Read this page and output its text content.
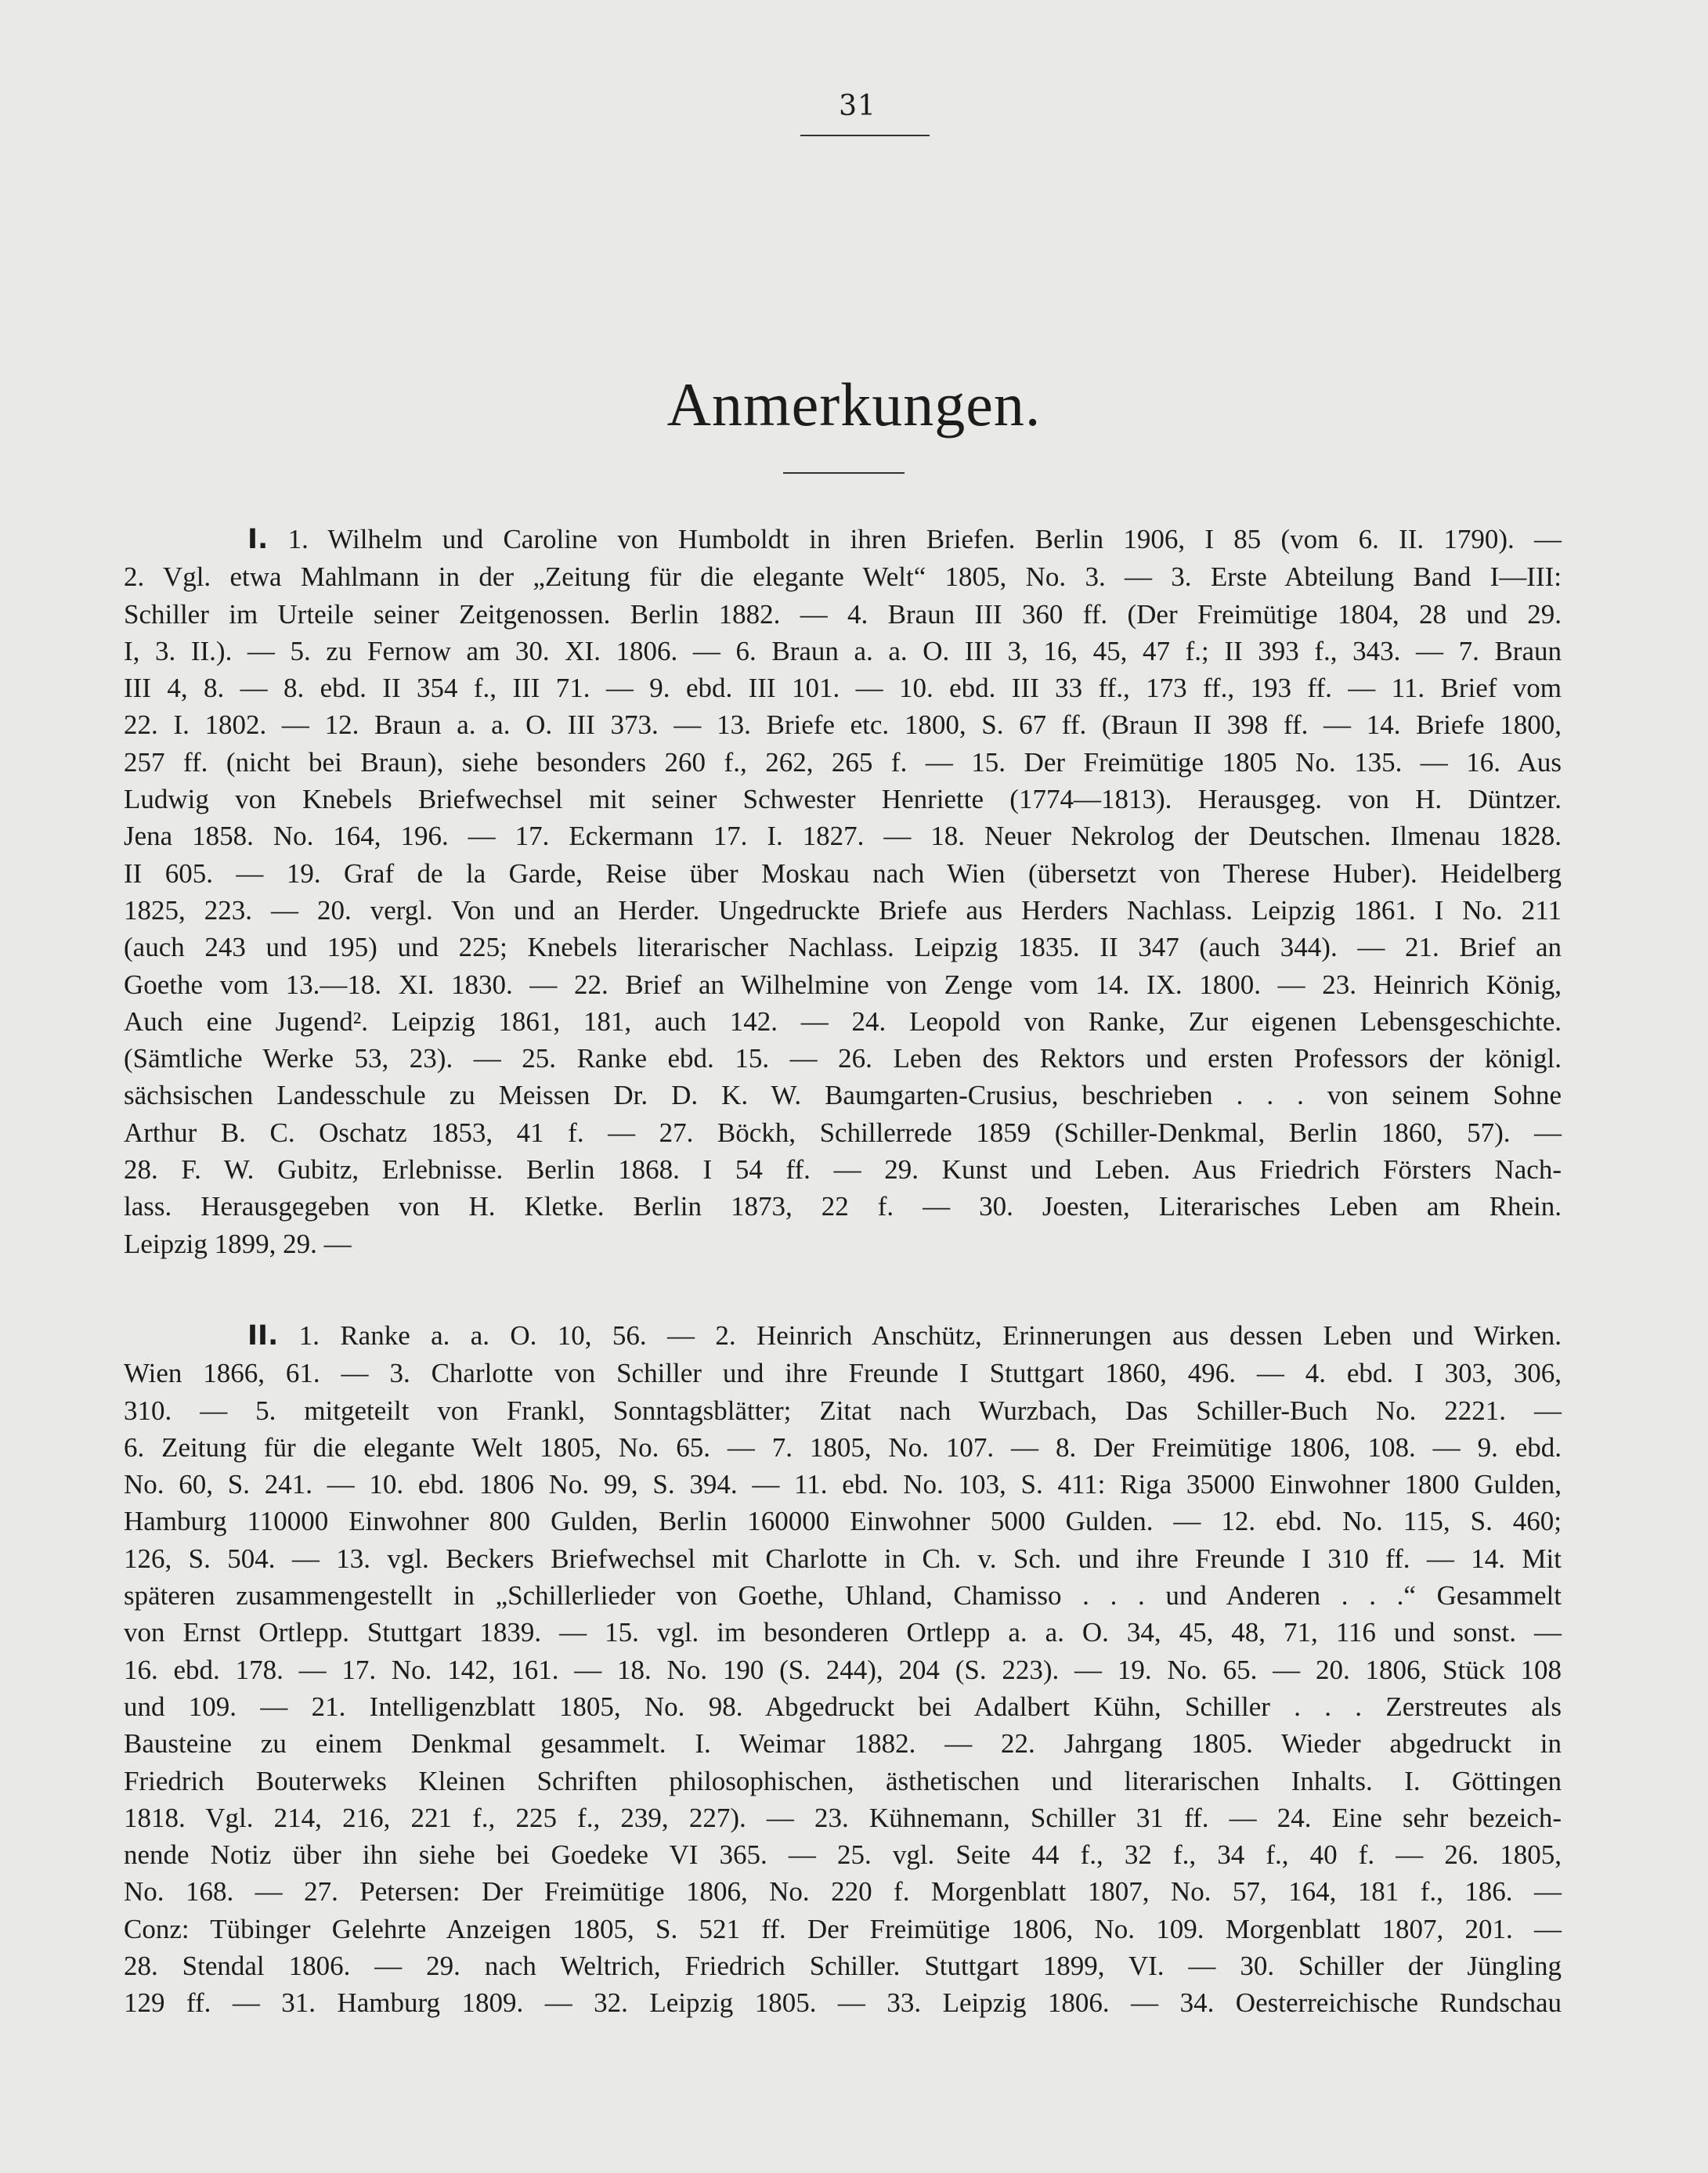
31
Anmerkungen.

I. 1. Wilhelm und Caroline von Humboldt in ihren Briefen. Berlin 1906, I 85 (vom 6. II. 1790). —

2. Vgl. etwa Mahlmann in der „Zeitung für die elegante Welt“ 1805, No. 3. — 3. Erste Abteilung Band I—III:

Schiller im Urteile seiner Zeitgenossen. Berlin 1882. — 4. Braun III 360 ff. (Der Freimütige 1804, 28 und 29.

I, 3. II.). — 5. zu Fernow am 30. XI. 1806. — 6. Braun a. a. O. III 3, 16, 45, 47 f.; II 393 f., 343. — 7. Braun

III 4, 8. — 8. ebd. II 354 f., III 71. — 9. ebd. III 101. — 10. ebd. III 33 ff., 173 ff., 193 ff. — 11. Brief vom

22. I. 1802. — 12. Braun a. a. O. III 373. — 13. Briefe etc. 1800, S. 67 ff. (Braun II 398 ff. — 14. Briefe 1800,

257 ff. (nicht bei Braun), siehe besonders 260 f., 262, 265 f. — 15. Der Freimütige 1805 No. 135. — 16. Aus

Ludwig von Knebels Briefwechsel mit seiner Schwester Henriette (1774—1813). Herausgeg. von H. Düntzer.

Jena 1858. No. 164, 196. — 17. Eckermann 17. I. 1827. — 18. Neuer Nekrolog der Deutschen. Ilmenau 1828.

II 605. — 19. Graf de la Garde, Reise über Moskau nach Wien (übersetzt von Therese Huber). Heidelberg

1825, 223. — 20. vergl. Von und an Herder. Ungedruckte Briefe aus Herders Nachlass. Leipzig 1861. I No. 211

(auch 243 und 195) und 225; Knebels literarischer Nachlass. Leipzig 1835. II 347 (auch 344). — 21. Brief an

Goethe vom 13.—18. XI. 1830. — 22. Brief an Wilhelmine von Zenge vom 14. IX. 1800. — 23. Heinrich König,

Auch eine Jugend². Leipzig 1861, 181, auch 142. — 24. Leopold von Ranke, Zur eigenen Lebensgeschichte.

(Sämtliche Werke 53, 23). — 25. Ranke ebd. 15. — 26. Leben des Rektors und ersten Professors der königl.

sächsischen Landesschule zu Meissen Dr. D. K. W. Baumgarten-Crusius, beschrieben . . . von seinem Sohne

Arthur B. C. Oschatz 1853, 41 f. — 27. Böckh, Schillerrede 1859 (Schiller-Denkmal, Berlin 1860, 57). —

28. F. W. Gubitz, Erlebnisse. Berlin 1868. I 54 ff. — 29. Kunst und Leben. Aus Friedrich Försters Nach-

lass. Herausgegeben von H. Kletke. Berlin 1873, 22 f. — 30. Joesten, Literarisches Leben am Rhein.

Leipzig 1899, 29. —

II. 1. Ranke a. a. O. 10, 56. — 2. Heinrich Anschütz, Erinnerungen aus dessen Leben und Wirken.

Wien 1866, 61. — 3. Charlotte von Schiller und ihre Freunde I Stuttgart 1860, 496. — 4. ebd. I 303, 306,

310. — 5. mitgeteilt von Frankl, Sonntagsblätter; Zitat nach Wurzbach, Das Schiller-Buch No. 2221. —

6. Zeitung für die elegante Welt 1805, No. 65. — 7. 1805, No. 107. — 8. Der Freimütige 1806, 108. — 9. ebd.

No. 60, S. 241. — 10. ebd. 1806 No. 99, S. 394. — 11. ebd. No. 103, S. 411: Riga 35000 Einwohner 1800 Gulden,

Hamburg 110000 Einwohner 800 Gulden, Berlin 160000 Einwohner 5000 Gulden. — 12. ebd. No. 115, S. 460;

126, S. 504. — 13. vgl. Beckers Briefwechsel mit Charlotte in Ch. v. Sch. und ihre Freunde I 310 ff. — 14. Mit

späteren zusammengestellt in „Schillerlieder von Goethe, Uhland, Chamisso . . . und Anderen . . .“ Gesammelt

von Ernst Ortlepp. Stuttgart 1839. — 15. vgl. im besonderen Ortlepp a. a. O. 34, 45, 48, 71, 116 und sonst. —

16. ebd. 178. — 17. No. 142, 161. — 18. No. 190 (S. 244), 204 (S. 223). — 19. No. 65. — 20. 1806, Stück 108

und 109. — 21. Intelligenzblatt 1805, No. 98. Abgedruckt bei Adalbert Kühn, Schiller . . . Zerstreutes als

Bausteine zu einem Denkmal gesammelt. I. Weimar 1882. — 22. Jahrgang 1805. Wieder abgedruckt in

Friedrich Bouterweks Kleinen Schriften philosophischen, ästhetischen und literarischen Inhalts. I. Göttingen

1818. Vgl. 214, 216, 221 f., 225 f., 239, 227). — 23. Kühnemann, Schiller 31 ff. — 24. Eine sehr bezeich-

nende Notiz über ihn siehe bei Goedeke VI 365. — 25. vgl. Seite 44 f., 32 f., 34 f., 40 f. — 26. 1805,

No. 168. — 27. Petersen: Der Freimütige 1806, No. 220 f. Morgenblatt 1807, No. 57, 164, 181 f., 186. —

Conz: Tübinger Gelehrte Anzeigen 1805, S. 521 ff. Der Freimütige 1806, No. 109. Morgenblatt 1807, 201. —

28. Stendal 1806. — 29. nach Weltrich, Friedrich Schiller. Stuttgart 1899, VI. — 30. Schiller der Jüngling

129 ff. — 31. Hamburg 1809. — 32. Leipzig 1805. — 33. Leipzig 1806. — 34. Oesterreichische Rundschau
